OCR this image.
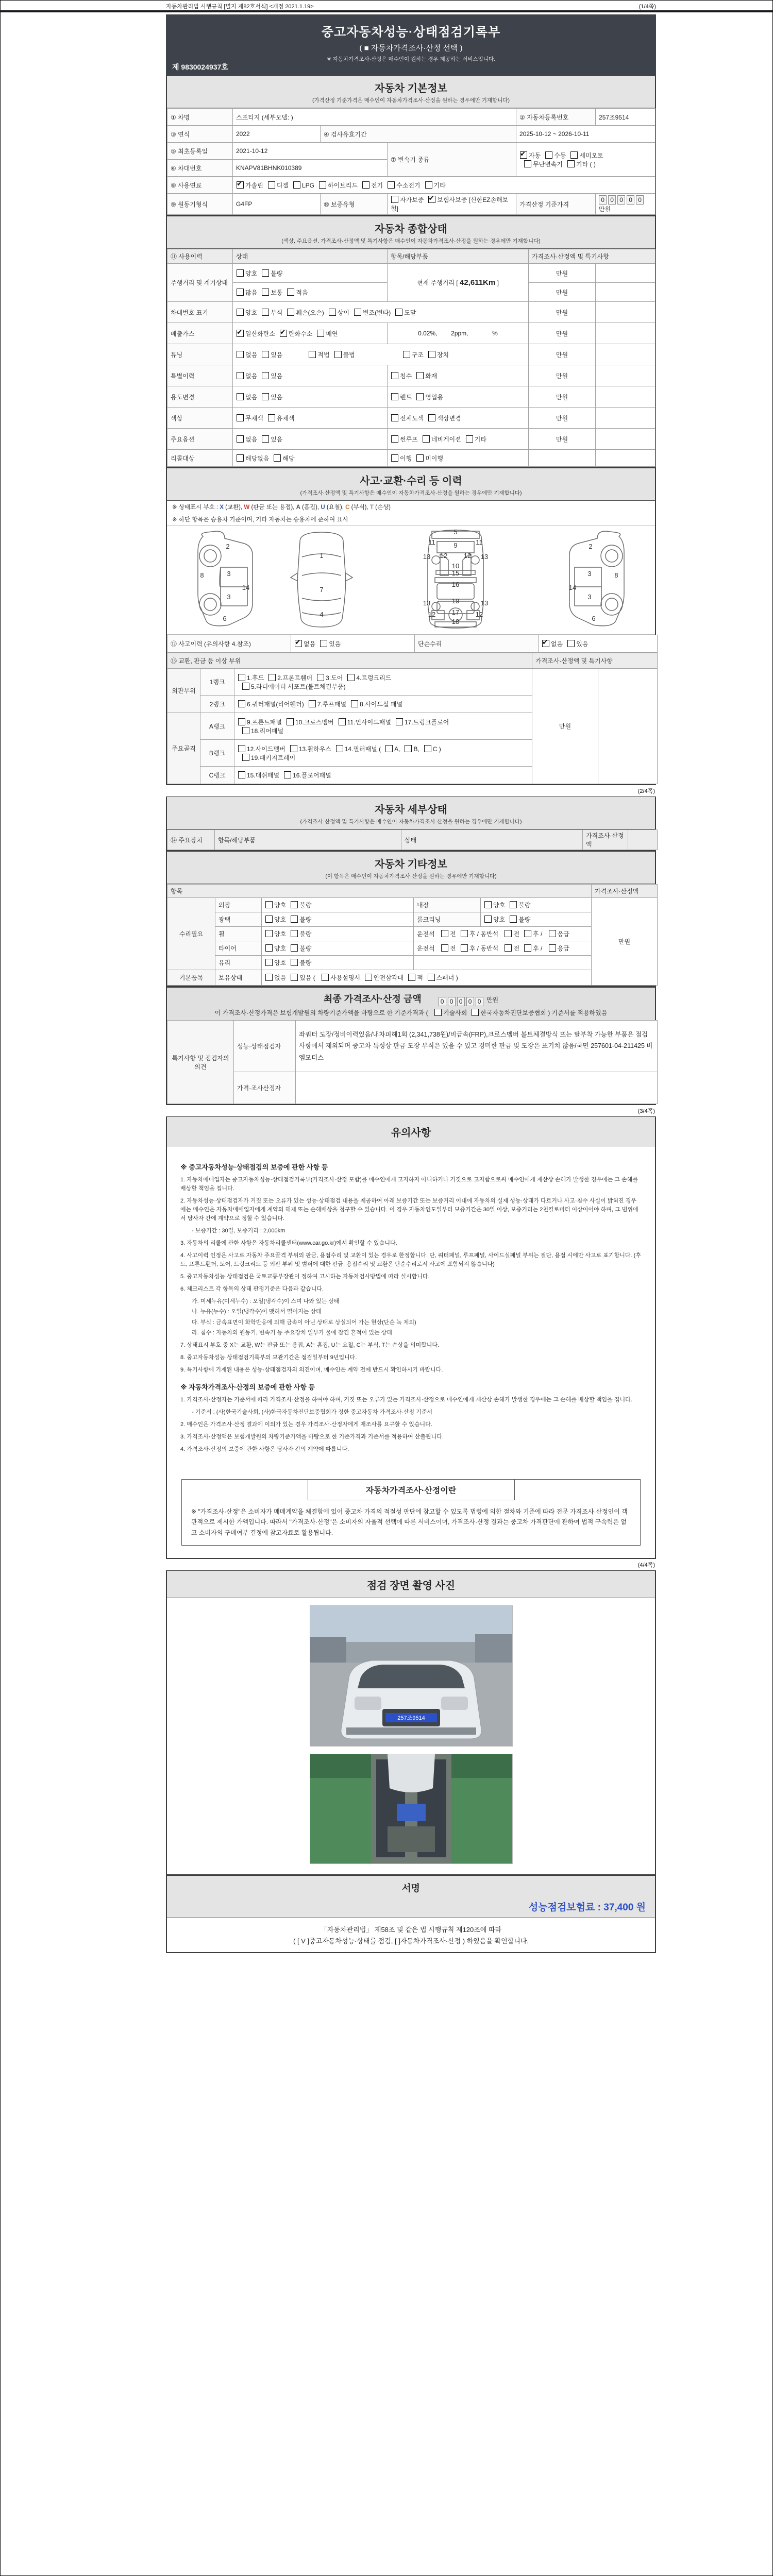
(1/4쪽)
자동차관리법 시행규칙 [별지 제82호서식] <개정 2021.1.19>
중고자동차성능·상태점검기록부
( ■ 자동차가격조사·산정 선택 )
※ 자동차가격조사·산정은 매수인이 원하는 경우 제공하는 서비스입니다.
제 9830024937호
자동차 기본정보
(가격산정 기준가격은 매수인이 자동차가격조사·산정을 원하는 경우에만 기재합니다)
① 차명	스포티지 (세부모델: )			② 자동차등록번호	257조9514
③ 연식	2022	④ 검사유효기간		2025-10-12 ~ 2026-10-11	
⑤ 최초등록일	2021-10-12		⑦ 변속기 종류	✔자동 수동 세미오토
무단변속기 기타 ( )
⑥ 차대번호	KNAPV81BHNK010389				
⑧ 사용연료	✔가솔린 디젤 LPG 하이브리드 전기 수소전기 기타
⑨ 원동기형식	G4FP	⑩ 보증유형	자가보증 ✔ 보험사보증 [신한EZ손해보험]	가격산정 기준가격	0 0 0 0 0 만원
자동차 종합상태
(색상, 주요옵션, 가격조사·산정액 및 특기사항은 매수인이 자동차가격조사·산정을 원하는 경우에만 기재합니다)
⑪ 사용이력	상태	항목/해당부품	가격조사·산정액 및 특기사항	
주행거리 및 계기상태	양호 불량	현재 주행거리 [ 42,611Km ]	만원	
	많음 보통 적음		만원	
차대번호 표기	양호 부식 훼손(오손) 상이 변조(변타) 도말		만원	
배출가스	✔일산화탄소 ✔ 탄화수소 매연	0.02%,        2ppm,              %	만원	
튜닝	없음 있음 적법 불법 구조 장치		만원	
특별이력	없음 있음	침수 화재	만원	
용도변경	없음 있음	렌트 영업용	만원	
색상	무채색 유채색	전체도색 색상변경	만원	
주요옵션	없음 있음	썬루프 네비게이션 기타	만원	
리콜대상	해당없음 해당	이행 미이행		
사고·교환·수리 등 이력
(가격조사·산정액 및 특기사항은 매수인이 자동차가격조사·산정을 원하는 경우에만 기재합니다)
※ 상태표시 부호 : X (교환), W (판금 또는 용접), A (흠집), U (요철), C (부식), T (손상)
※ 하단 항목은 승용차 기준이며, 기타 자동차는 승용차에 준하여 표시
2
8	3
14
3
6
1
7
4
5
9
11	11
13 12 12 13
10
15
16
19
13	13
12	12
17
18
2
8
3
14
3
6
⑫ 사고이력 (유의사항 4.참조)	✔없음 있음	단순수리	✔없음 있음
⑬ 교환, 판금 등 이상 부위			가격조사·산정액 및 특기사항	
외판부위	1랭크	1.후드 2.프론트휀더 3.도어 4.트렁크리드
5.라디에이터 서포트(볼트체결부품)	만원	
	2랭크	6.쿼터패널(리어휀더) 7.루프패널 8.사이드실 패널		
주요골격	A랭크	9.프론트패널 10.크로스멤버 11.인사이드패널 17.트렁크플로어
18.리어패널		
	B랭크	12.사이드멤버 13.휠하우스 14.필러패널 ( A, B, C )
19.패키지트레이		
	C랭크	15.대쉬패널 16.플로어패널		
(2/4쪽)
자동차 세부상태
(가격조사·산정액 및 특기사항은 매수인이 자동차가격조사·산정을 원하는 경우에만 기재합니다)
⑭ 주요장치	항목/해당부품	상태	가격조사·산정액	
자동차 기타정보
(이 항목은 매수인이 자동차가격조사·산정을 원하는 경우에만 기재합니다)
항목					가격조사·산정액
수리필요	외장	양호 불량	내장	양호 불량	만원
	광택	양호 불량	룸크리닝	양호 불량	
	휠	양호 불량	운전석 전 후 / 동반석 전 후 / 응급		
	타이어	양호 불량	운전석 전 후 / 동반석 전 후 / 응급		
	유리	양호 불량			
기본품목	보유상태	없음 있음 ( 사용설명서 안전삼각대 잭 스패너 )			
최종 가격조사·산정 금액	0 0 0 0 0 만원
이 가격조사·산정가격은 보험개발원의 차량기준가액을 바탕으로 한 기준가격과 ( 기술사회 한국자동차진단보증협회 ) 기준서를 적용하였음
특기사항 및 점검자의 의견	성능·상태점검자	좌쿼터 도장/정비이력있음/내차피해1회 (2,341,738원)/비금속(FRP),크로스멤버 볼트체결방식 또는 탈부착 가능한 부품은 점검사항에서 제외되며 중고차 특성상 판금 도장 부식은 있을 수 있고 경미한 판금 및 도장은 표기치 않음/국민 257601-04-211425 비엠모터스
	가격·조사산정자	
(3/4쪽)
유의사항
※ 중고자동차성능·상태점검의 보증에 관한 사항 등
1. 자동차매매업자는 중고자동차성능·상태점검기록부(가격조사·산정 포함)를 매수인에게 고지하지 아니하거나 거짓으로 고지함으로써 매수인에게 재산상 손해가 발생한 경우에는 그 손해를 배상할 책임을 집니다.
2. 자동차성능·상태점검자가 거짓 또는 오류가 있는 성능·상태점검 내용을 제공하여 아래 보증기간 또는 보증거리 이내에 자동차의 실제 성능·상태가 다르거나 사고·침수 사실이 밝혀진 경우에는 매수인은 자동차매매업자에게 계약의 해제 또는 손해배상을 청구할 수 있습니다. 이 경우 자동차인도일부터 보증기간은 30일 이상, 보증거리는 2천킬로미터 이상이어야 하며, 그 범위에서 당사자 간에 계약으로 정할 수 있습니다.
- 보증기간 : 30일, 보증거리 : 2,000km
3. 자동차의 리콜에 관한 사항은 자동차리콜센터(www.car.go.kr)에서 확인할 수 있습니다.
4. 사고이력 인정은 사고로 자동차 주요골격 부위의 판금, 용접수리 및 교환이 있는 경우로 한정합니다. 단, 쿼터패널, 루프패널, 사이드실패널 부위는 절단, 용접 시에만 사고로 표기합니다. (후드, 프론트휀더, 도어, 트렁크리드 등 외판 부위 및 범퍼에 대한 판금, 용접수리 및 교환은 단순수리로서 사고에 포함되지 않습니다)
5. 중고자동차성능·상태점검은 국토교통부장관이 정하여 고시하는 자동차검사방법에 따라 실시합니다.
6. 체크리스트 각 항목의 상태 판정기준은 다음과 같습니다.
가. 미세누유(미세누수) : 오일(냉각수)이 스며 나와 있는 상태
나. 누유(누수) : 오일(냉각수)이 맺혀서 떨어지는 상태
다. 부식 : 금속표면이 화학반응에 의해 금속이 아닌 상태로 상실되어 가는 현상(단순 녹 제외)
라. 침수 : 자동차의 원동기, 변속기 등 주요장치 일부가 물에 잠긴 흔적이 있는 상태
7. 상태표시 부호 중 X는 교환, W는 판금 또는 용접, A는 흠집, U는 요철, C는 부식, T는 손상을 의미합니다.
8. 중고자동차성능·상태점검기록부의 보관기간은 점검일부터 9년입니다.
9. 특기사항에 기재된 내용은 성능·상태점검자의 의견이며, 매수인은 계약 전에 반드시 확인하시기 바랍니다.
※ 자동차가격조사·산정의 보증에 관한 사항 등
1. 가격조사·산정자는 기준서에 따라 가격조사·산정을 하여야 하며, 거짓 또는 오류가 있는 가격조사·산정으로 매수인에게 재산상 손해가 발생한 경우에는 그 손해를 배상할 책임을 집니다.
- 기준서 : (사)한국기술사회, (사)한국자동차진단보증협회가 정한 중고자동차 가격조사·산정 기준서
2. 매수인은 가격조사·산정 결과에 이의가 있는 경우 가격조사·산정자에게 재조사를 요구할 수 있습니다.
3. 가격조사·산정액은 보험개발원의 차량기준가액을 바탕으로 한 기준가격과 기준서를 적용하여 산출됩니다.
4. 가격조사·산정의 보증에 관한 사항은 당사자 간의 계약에 따릅니다.
자동차가격조사·산정이란
※ "가격조사·산정"은 소비자가 매매계약을 체결함에 있어 중고차 가격의 적절성 판단에 참고할 수 있도록 법령에 의한 절차와 기준에 따라 전문 가격조사·산정인이 객관적으로 제시한 가액입니다. 따라서 "가격조사·산정"은 소비자의 자율적 선택에 따른 서비스이며, 가격조사·산정 결과는 중고차 가격판단에 관하여 법적 구속력은 없고 소비자의 구매여부 결정에 참고자료로 활용됩니다.
(4/4쪽)
점검 장면 촬영 사진
257조9514
서명
성능점검보험료 : 37,400 원
「자동차관리법」 제58조 및 같은 법 시행규칙 제120조에 따라
( [ V ]중고자동차성능·상태를 점검, [ ]자동차가격조사·산정 ) 하였음을 확인합니다.
